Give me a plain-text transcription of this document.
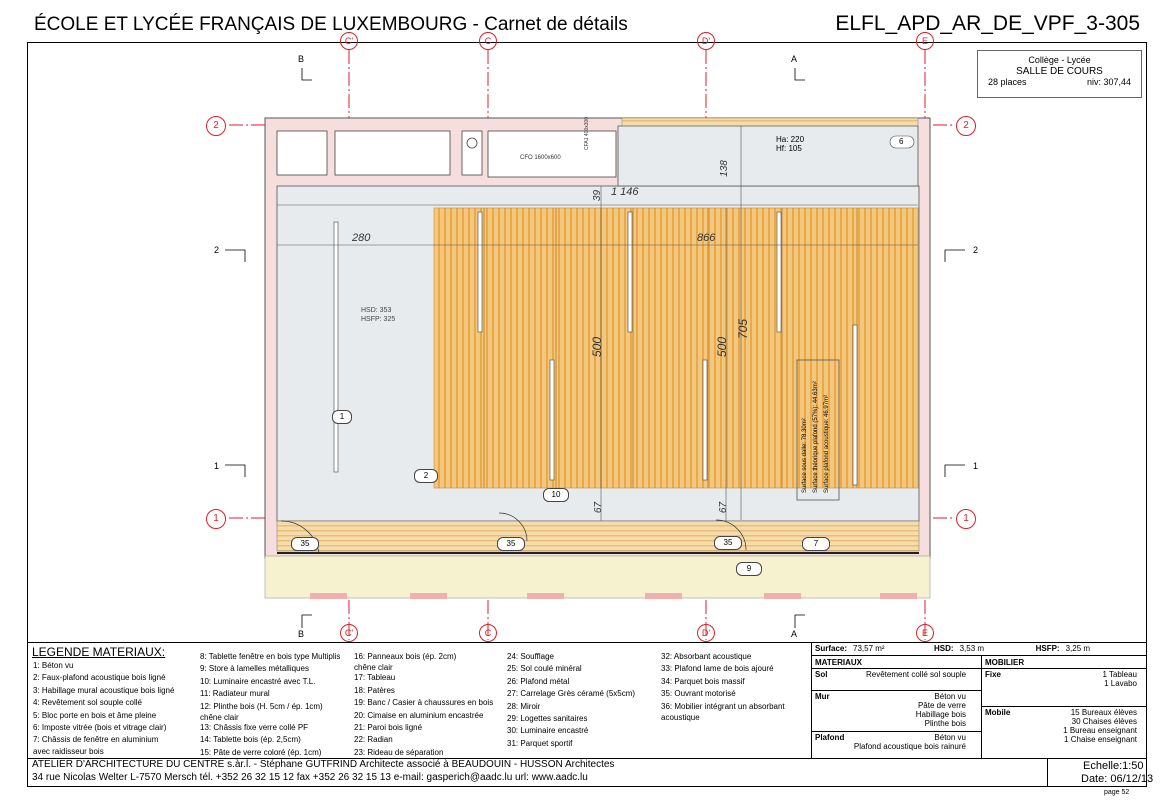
ÉCOLE ET LYCÉE FRANÇAIS DE LUXEMBOURG - Carnet de détails	ELFL_APD_AR_DE_VPF_3-305
Collège - Lycée
SALLE DE COURS
28 places	niv: 307,44
B	A
B	A
2	2
1	1
C'	C	D'	E
C'	C	D'	E
2	2
1	1
1 146
280	866
39
138
500	500
705
67	67
Ha: 220
Hf: 105
HSD: 353
HSFP: 325
CFO 1600x600
CFA1 400x300
Surface sous dalle: 78.30m² Surface théorique plafond (57%): 44.63m² Surface plafond acoustique: 46.97m²
6
1
2
10
35	35	35	7
9
LEGENDE MATERIAUX:
1: Béton vu
2: Faux-plafond acoustique bois ligné
3: Habillage mural acoustique bois ligné
4: Revêtement sol souple collé
5: Bloc porte en bois et âme pleine
6: Imposte vitrée (bois et vitrage clair)
7: Châssis de fenêtre en aluminium
avec raidisseur bois
8: Tablette fenêtre en bois type Multiplis
9: Store à lamelles métalliques
10: Luminaire encastré avec T.L.
11: Radiateur mural
12: Plinthe bois (H. 5cm / ép. 1cm)
chêne clair
13: Châssis fixe verre collé PF
14: Tablette bois (ép. 2,5cm)
15: Pâte de verre coloré (ép. 1cm)
16: Panneaux bois (ép. 2cm)
chêne clair
17: Tableau
18: Patères
19: Banc / Casier à chaussures en bois
20: Cimaise en aluminium encastrée
21: Paroi bois ligné
22: Radian
23: Rideau de séparation
24: Soufflage
25: Sol coulé minéral
26: Plafond métal
27: Carrelage Grès céramé (5x5cm)
28: Miroir
29: Logettes sanitaires
30: Luminaire encastré
31: Parquet sportif
32: Absorbant acoustique
33: Plafond lame de bois ajouré
34: Parquet bois massif
35: Ouvrant motorisé
36: Mobilier intégrant un absorbant
acoustique
Surface: 73,57 m²	HSD: 3,53 m	HSFP: 3,25 m
MATERIAUX	MOBILIER
Sol	Revêtement collé sol souple
Mur	Béton vu
Pâte de verre
Habillage bois
Plinthe bois
Plafond	Béton vu
Plafond acoustique bois rainuré
Fixe	1 Tableau
1 Lavabo
Mobile	15 Bureaux élèves
30 Chaises élèves
1 Bureau enseignant
1 Chaise enseignant
ATELIER D'ARCHITECTURE DU CENTRE s.àr.l. - Stéphane GUTFRIND Architecte associé à BEAUDOUIN - HUSSON Architectes
34 rue Nicolas Welter L-7570 Mersch tél. +352 26 32 15 12 fax +352 26 32 15 13 e-mail: gasperich@aadc.lu url: www.aadc.lu
Echelle:1:50
Date: 06/12/13
page 52
